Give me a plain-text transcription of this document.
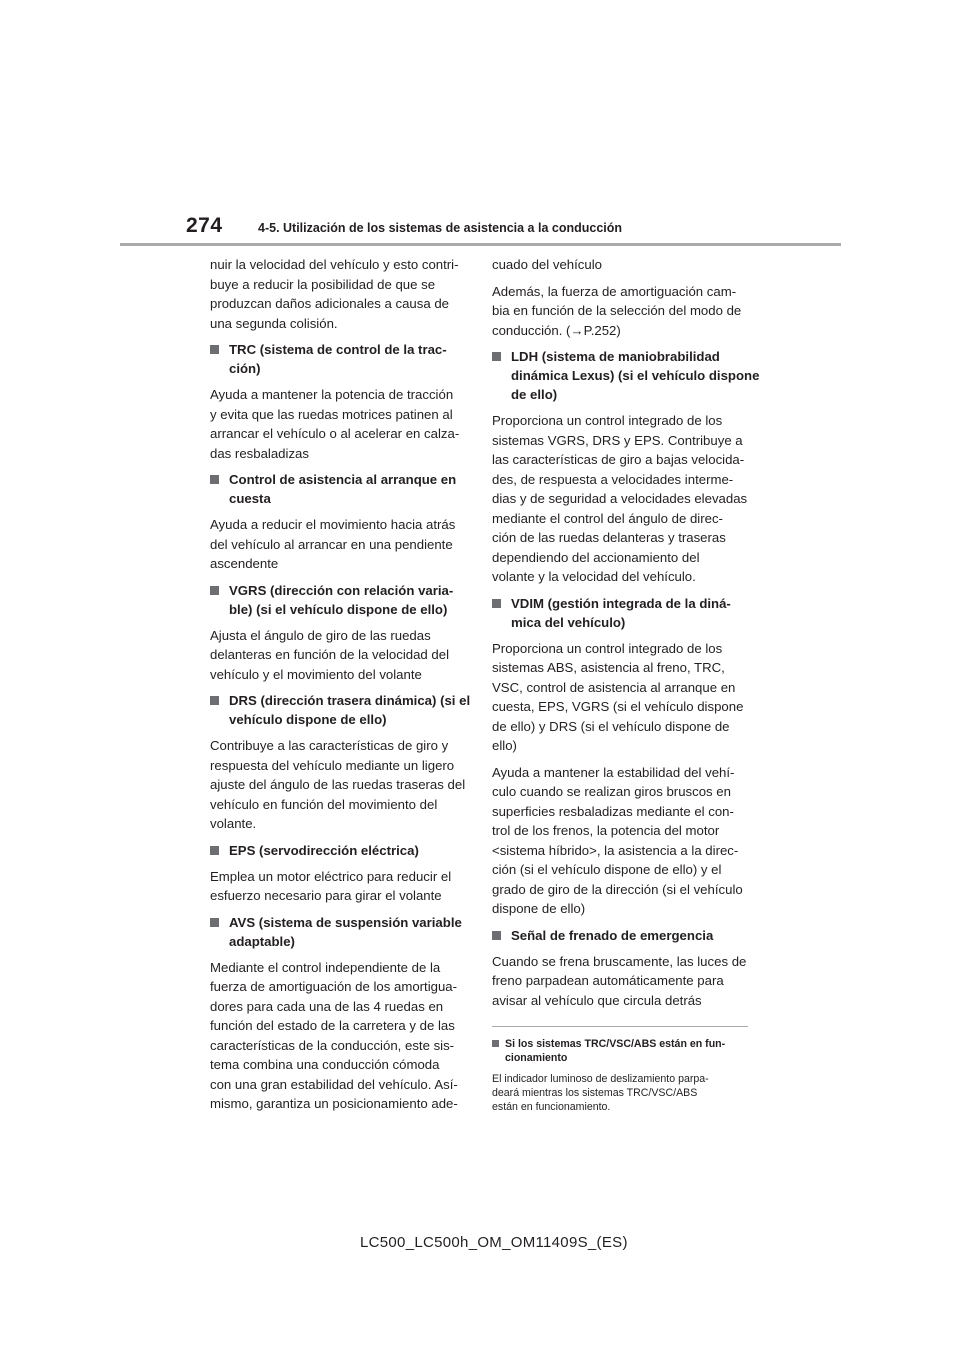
274	4-5. Utilización de los sistemas de asistencia a la conducción
nuir la velocidad del vehículo y esto contri-
buye a reducir la posibilidad de que se
produzcan daños adicionales a causa de
una segunda colisión.
TRC (sistema de control de la trac-
ción)
Ayuda a mantener la potencia de tracción
y evita que las ruedas motrices patinen al
arrancar el vehículo o al acelerar en calza-
das resbaladizas
Control de asistencia al arranque en
cuesta
Ayuda a reducir el movimiento hacia atrás
del vehículo al arrancar en una pendiente
ascendente
VGRS (dirección con relación varia-
ble) (si el vehículo dispone de ello)
Ajusta el ángulo de giro de las ruedas
delanteras en función de la velocidad del
vehículo y el movimiento del volante
DRS (dirección trasera dinámica) (si el
vehículo dispone de ello)
Contribuye a las características de giro y
respuesta del vehículo mediante un ligero
ajuste del ángulo de las ruedas traseras del
vehículo en función del movimiento del
volante.
EPS (servodirección eléctrica)
Emplea un motor eléctrico para reducir el
esfuerzo necesario para girar el volante
AVS (sistema de suspensión variable
adaptable)
Mediante el control independiente de la
fuerza de amortiguación de los amortigua-
dores para cada una de las 4 ruedas en
función del estado de la carretera y de las
características de la conducción, este sis-
tema combina una conducción cómoda
con una gran estabilidad del vehículo. Así-
mismo, garantiza un posicionamiento ade-
cuado del vehículo
Además, la fuerza de amortiguación cam-
bia en función de la selección del modo de
conducción. (→P.252)
LDH (sistema de maniobrabilidad
dinámica Lexus) (si el vehículo dispone
de ello)
Proporciona un control integrado de los
sistemas VGRS, DRS y EPS. Contribuye a
las características de giro a bajas velocida-
des, de respuesta a velocidades interme-
dias y de seguridad a velocidades elevadas
mediante el control del ángulo de direc-
ción de las ruedas delanteras y traseras
dependiendo del accionamiento del
volante y la velocidad del vehículo.
VDIM (gestión integrada de la diná-
mica del vehículo)
Proporciona un control integrado de los
sistemas ABS, asistencia al freno, TRC,
VSC, control de asistencia al arranque en
cuesta, EPS, VGRS (si el vehículo dispone
de ello) y DRS (si el vehículo dispone de
ello)
Ayuda a mantener la estabilidad del vehí-
culo cuando se realizan giros bruscos en
superficies resbaladizas mediante el con-
trol de los frenos, la potencia del motor
<sistema híbrido>, la asistencia a la direc-
ción (si el vehículo dispone de ello) y el
grado de giro de la dirección (si el vehículo
dispone de ello)
Señal de frenado de emergencia
Cuando se frena bruscamente, las luces de
freno parpadean automáticamente para
avisar al vehículo que circula detrás
Si los sistemas TRC/VSC/ABS están en fun-
cionamiento
El indicador luminoso de deslizamiento parpa-
deará mientras los sistemas TRC/VSC/ABS
están en funcionamiento.
LC500_LC500h_OM_OM11409S_(ES)
